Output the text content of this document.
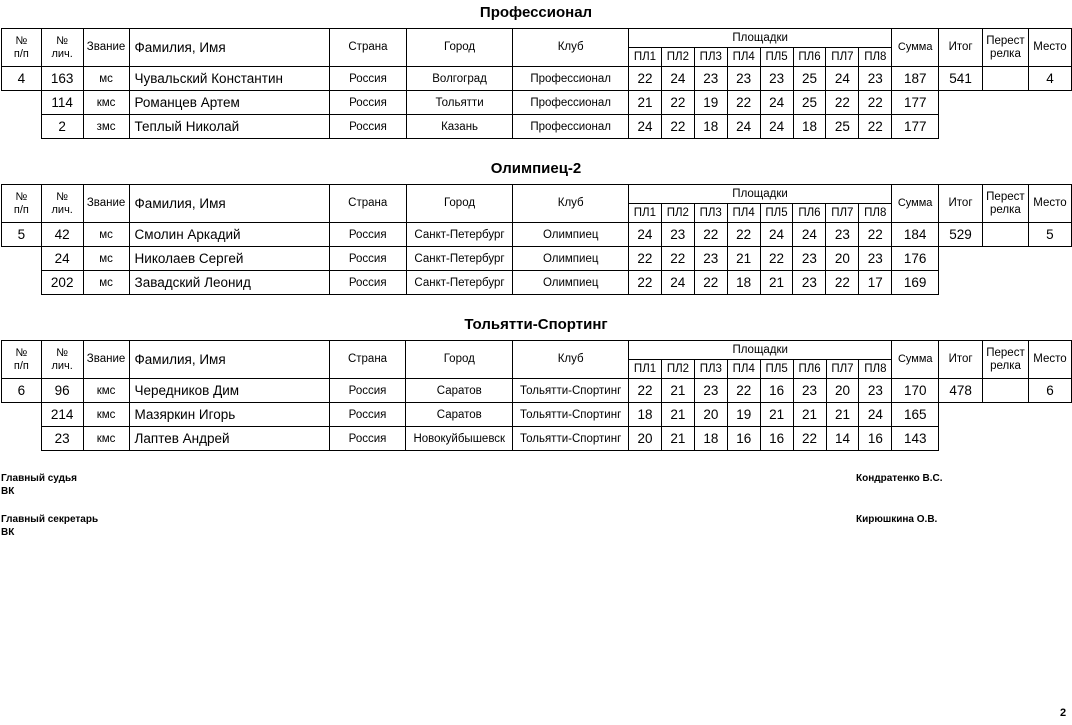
Профессионал
№
п/п	№
лич.	Звание	Фамилия, Имя	Страна	Город	Клуб	Площадки								Сумма	Итог	Перест
релка	Место
							ПЛ1	ПЛ2	ПЛ3	ПЛ4	ПЛ5	ПЛ6	ПЛ7	ПЛ8				
4	163	мс	Чувальский Константин	Россия	Волгоград	Профессионал	22	24	23	23	23	25	24	23	187	541		4
	114	кмс	Романцев Артем	Россия	Тольятти	Профессионал	21	22	19	22	24	25	22	22	177			
	2	змс	Теплый Николай	Россия	Казань	Профессионал	24	22	18	24	24	18	25	22	177			
Олимпиец-2
№
п/п	№
лич.	Звание	Фамилия, Имя	Страна	Город	Клуб	Площадки								Сумма	Итог	Перест
релка	Место
							ПЛ1	ПЛ2	ПЛ3	ПЛ4	ПЛ5	ПЛ6	ПЛ7	ПЛ8				
5	42	мс	Смолин Аркадий	Россия	Санкт-Петербург	Олимпиец	24	23	22	22	24	24	23	22	184	529		5
	24	мс	Николаев Сергей	Россия	Санкт-Петербург	Олимпиец	22	22	23	21	22	23	20	23	176			
	202	мс	Завадский Леонид	Россия	Санкт-Петербург	Олимпиец	22	24	22	18	21	23	22	17	169			
Тольятти-Спортинг
№
п/п	№
лич.	Звание	Фамилия, Имя	Страна	Город	Клуб	Площадки								Сумма	Итог	Перест
релка	Место
							ПЛ1	ПЛ2	ПЛ3	ПЛ4	ПЛ5	ПЛ6	ПЛ7	ПЛ8				
6	96	кмс	Чередников Дим	Россия	Саратов	Тольятти-Спортинг	22	21	23	22	16	23	20	23	170	478		6
	214	кмс	Мазяркин Игорь	Россия	Саратов	Тольятти-Спортинг	18	21	20	19	21	21	21	24	165			
	23	кмс	Лаптев Андрей	Россия	Новокуйбышевск	Тольятти-Спортинг	20	21	18	16	16	22	14	16	143			
Главный судья
ВК
Кондратенко В.С.
Главный секретарь
ВК
Кирюшкина О.В.
2
